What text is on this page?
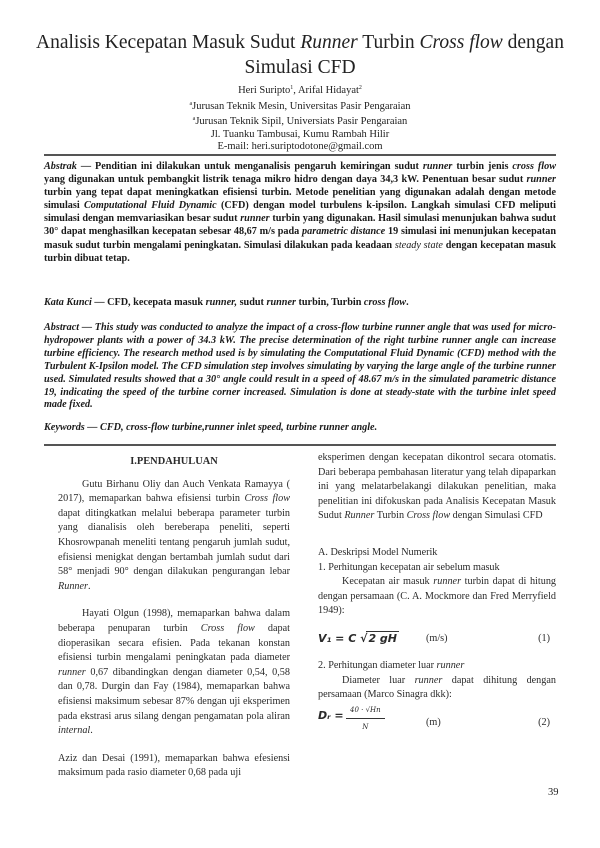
Analisis Kecepatan Masuk Sudut Runner Turbin Cross flow dengan
Simulasi CFD
Heri Suripto$^1$, Arifal Hidayat$^2$
$^a$Jurusan Teknik Mesin, Universitas Pasir Pengaraian
$^a$Jurusan Teknik Sipil, Universiats Pasir Pengaraian
Jl. Tuanku Tambusai, Kumu Rambah Hilir
E-mail: heri.suriptodotone@gmail.com
Abstrak — Penditian ini dilakukan untuk menganalisis pengaruh kemiringan sudut runner turbin jenis cross flow yang digunakan untuk pembangkit listrik tenaga mikro hidro dengan daya 34,3 kW. Penentuan besar sudut runner turbin yang tepat dapat meningkatkan efisiensi turbin. Metode penelitian yang digunakan adalah dengan metode simulasi Computational Fluid Dynamic (CFD) dengan model turbulens k-ipsilon. Langkah simulasi CFD meliputi simulasi dengan memvariasikan besar sudut runner turbin yang digunakan. Hasil simulasi menunjukan bahwa sudut 30° dapat menghasilkan kecepatan sebesar 48,67 m/s pada parametric distance 19 simulasi ini menunjukan kecepatan masuk sudut turbin mengalami peningkatan. Simulasi dilakukan pada keadaan steady state dengan kecepatan masuk turbin dibuat tetap.
Kata Kunci — CFD, kecepata masuk runner, sudut runner turbin, Turbin cross flow.
Abstract — This study was conducted to analyze the impact of a cross-flow turbine runner angle that was used for micro-hydropower plants with a power of 34.3 kW. The precise determination of the right turbine runner angle can increase turbine efficiency. The research method used is by simulating the Computational Fluid Dynamic (CFD) method with the Turbulent K-Ipsilon model. The CFD simulation step involves simulating by varying the large angle of the turbine runner used. Simulated results showed that a 30° angle could result in a speed of 48.67 m/s in the simulated parametric distance 19, indicating the speed of the turbine corner increased. Simulation is done at steady-state with the turbine inlet speed made fixed.
Keywords — CFD, cross-flow turbine,runner inlet speed, turbine runner angle.
I.PENDAHULUAN

Gutu Birhanu Oliy dan Auch Venkata Ramayya ( 2017), memaparkan bahwa efisiensi turbin Cross flow dapat ditingkatkan melalui beberapa parameter turbin yang dianalisis oleh bereberapa peneliti, seperti Khosrowpanah meneliti tentang pengaruh jumlah sudut, efisiensi menigkat dengan bertambah jumlah sudut dari 58° menjadi 90° dengan dilakukan pengurangan lebar Runner.

Hayati Olgun (1998), memaparkan bahwa dalam beberapa penuparan turbin Cross flow dapat dioperasikan secara efisien. Pada tekanan konstan efisiensi turbin mengalami peningkatan pada diameter runner 0,67 dibandingkan dengan diameter 0,54, 0,58 dan 0,78. Durgin dan Fay (1984), memaparkan bahwa efisiensi maksimum sebesar 87% dengan uji eksperimen pada ekstrasi arus silang dengan pengamatan pola aliran internal.

Aziz dan Desai (1991), memaparkan bahwa efesiensi maksimum pada rasio diameter 0,68 pada uji

eksperimen dengan kecepatan dikontrol secara otomatis. Dari beberapa pembahasan literatur yang telah dipaparkan ini yang melatarbelakangi dilakukan penelitian, maka penelitian ini difokuskan pada Analisis Kecepatan Masuk Sudut Runner Turbin Cross flow dengan Simulasi CFD

A. Deskripsi Model Numerik
1. Perhitungan kecepatan air sebelum masuk

Kecepatan air masuk runner turbin dapat di hitung dengan persamaan (C. A. Mockmore dan Fred Merryfield 1949):

V₁ = C √2 gH	(m/s)	(1)
2. Perhitungan diameter luar runner

Diameter luar runner dapat dihitung dengan persamaan (Marco Sinagra dkk):

Dᵣ = $\frac{40 \cdot √Hn}{N}$	(m)	(2)
39
